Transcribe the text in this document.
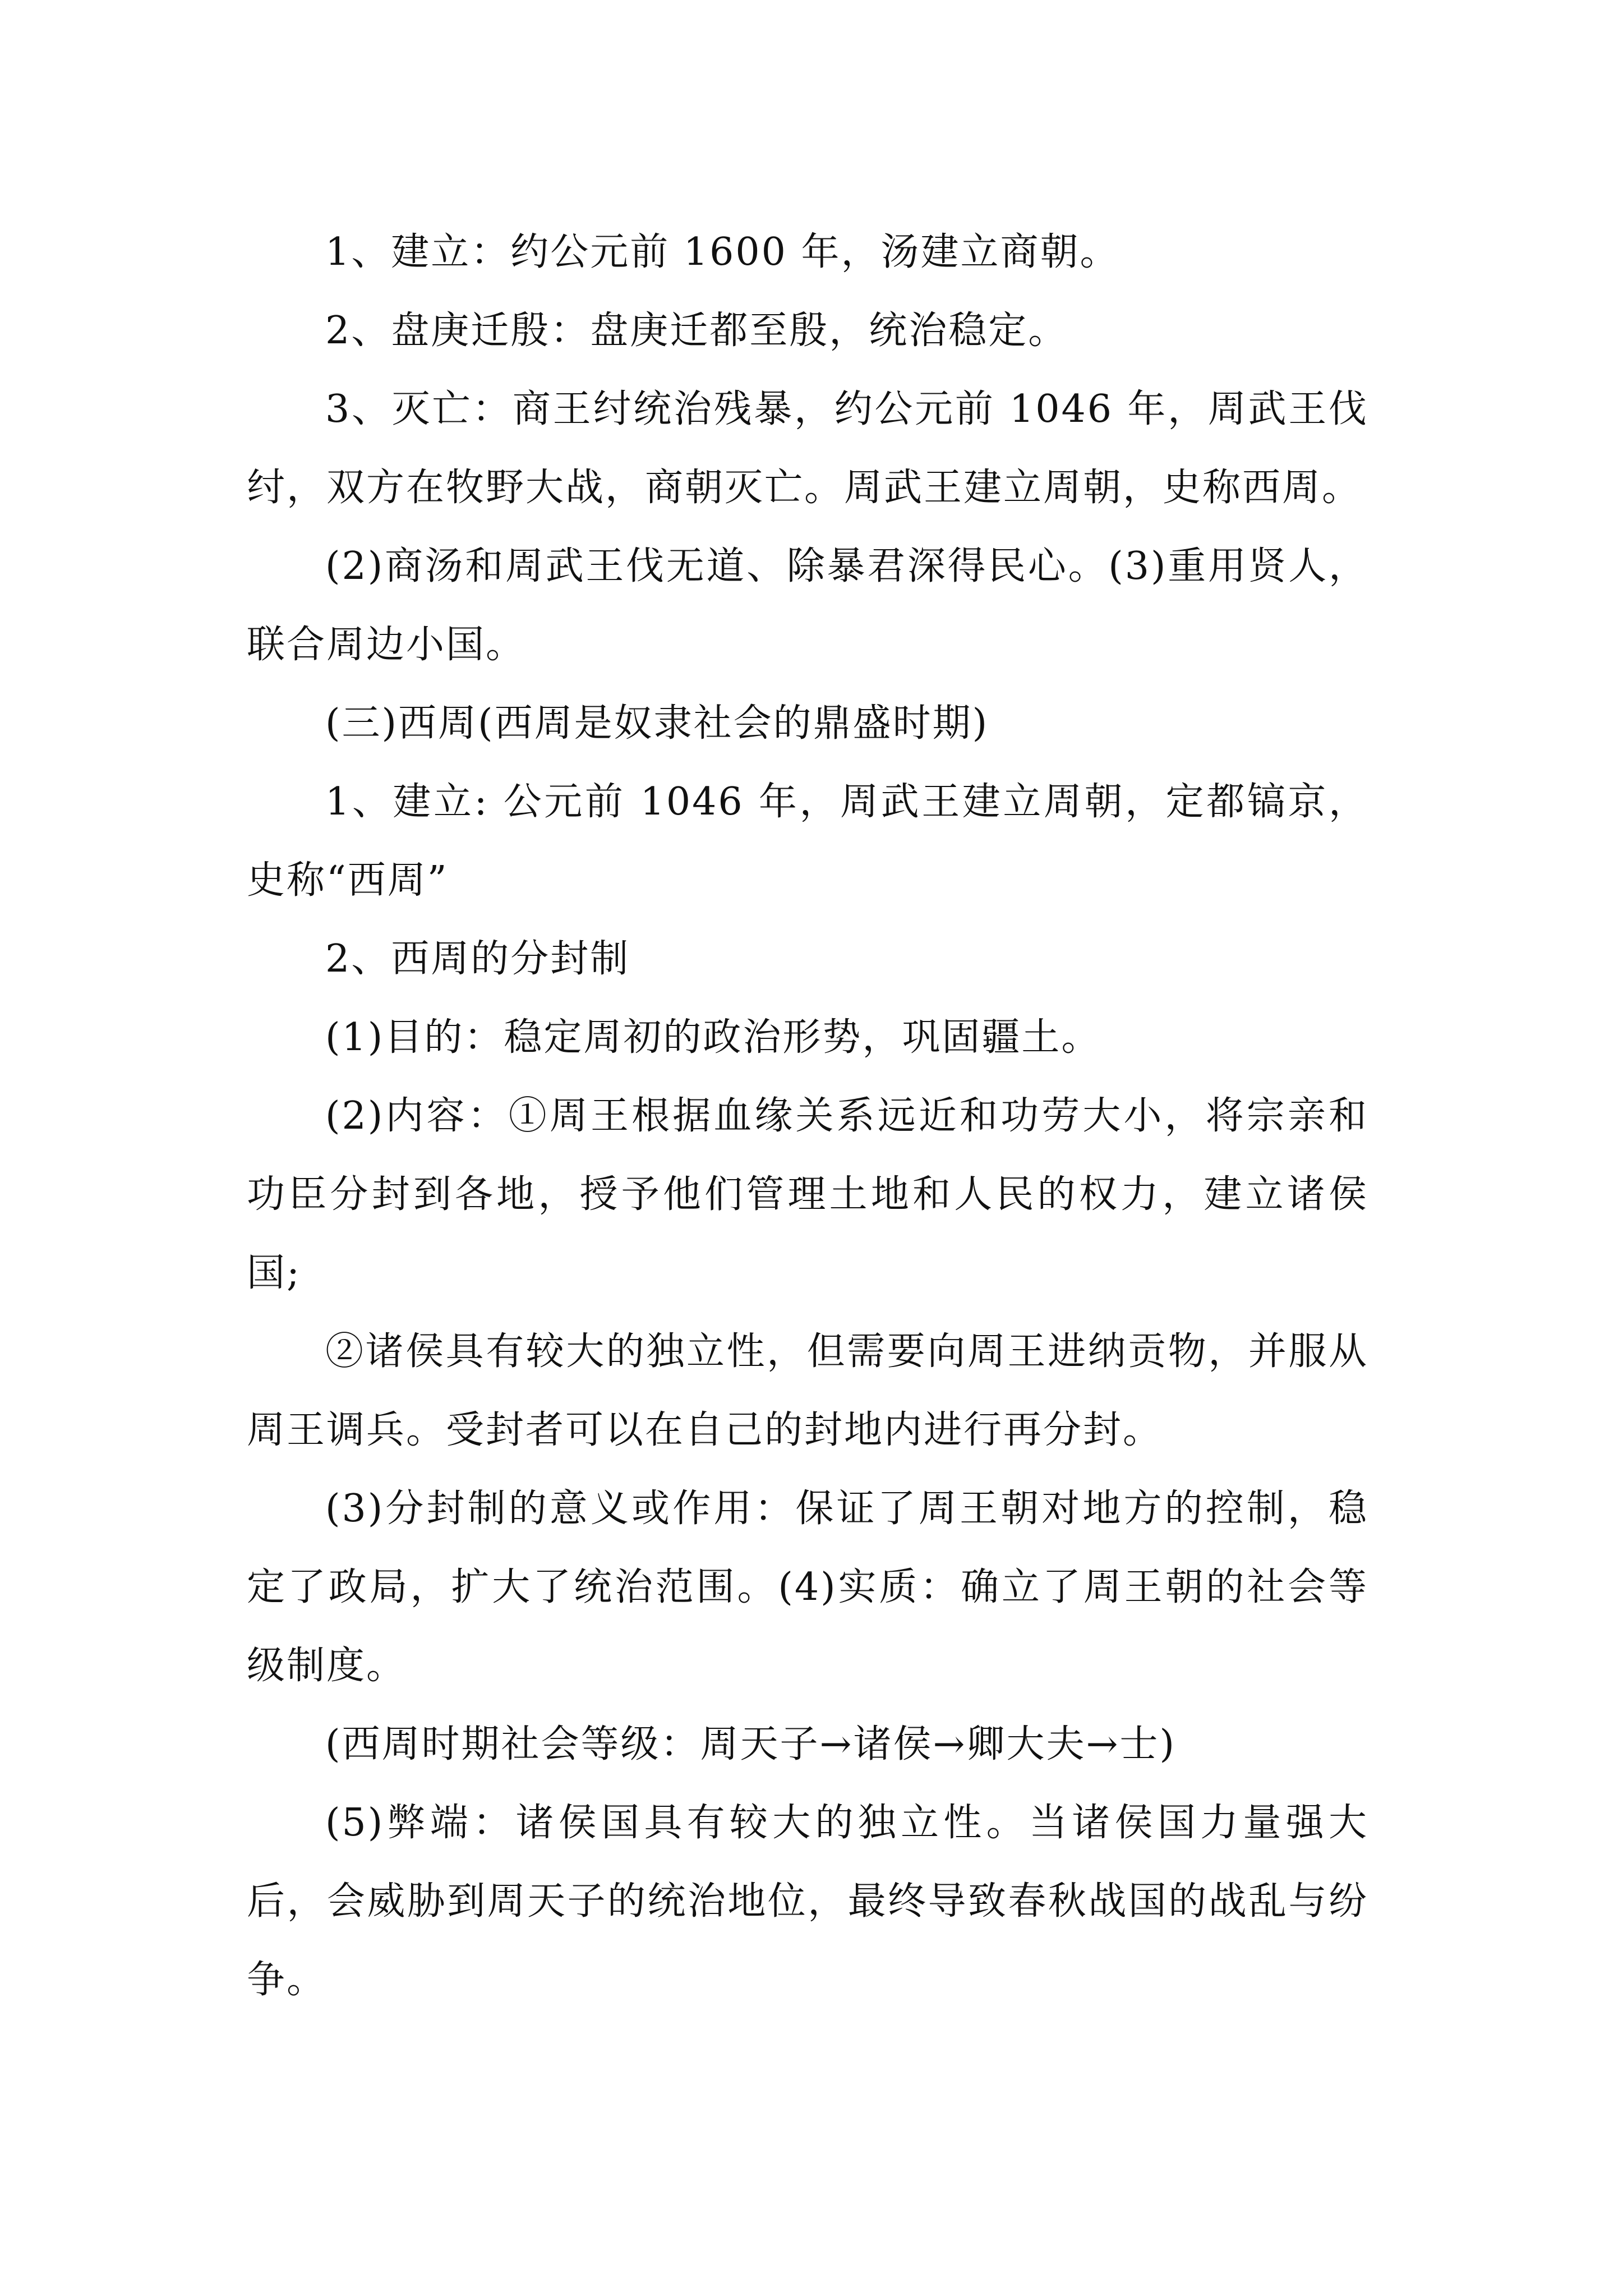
1、建立：约公元前 1600 年，汤建立商朝。

2、盘庚迁殷：盘庚迁都至殷，统治稳定。

3、灭亡：商王纣统治残暴，约公元前 1046 年，周武王伐纣，双方在牧野大战，商朝灭亡。周武王建立周朝，史称西周。

(2)商汤和周武王伐无道、除暴君深得民心。(3)重用贤人，联合周边小国。

(三)西周(西周是奴隶社会的鼎盛时期)

1、建立: 公元前 1046 年，周武王建立周朝，定都镐京，史称“西周”

2、西周的分封制

(1)目的：稳定周初的政治形势，巩固疆土。

(2)内容：①周王根据血缘关系远近和功劳大小，将宗亲和功臣分封到各地，授予他们管理土地和人民的权力，建立诸侯国;

②诸侯具有较大的独立性，但需要向周王进纳贡物，并服从周王调兵。受封者可以在自己的封地内进行再分封。

(3)分封制的意义或作用：保证了周王朝对地方的控制，稳定了政局，扩大了统治范围。(4)实质：确立了周王朝的社会等级制度。

(西周时期社会等级：周天子→诸侯→卿大夫→士)

(5)弊端：诸侯国具有较大的独立性。当诸侯国力量强大后，会威胁到周天子的统治地位，最终导致春秋战国的战乱与纷争。
